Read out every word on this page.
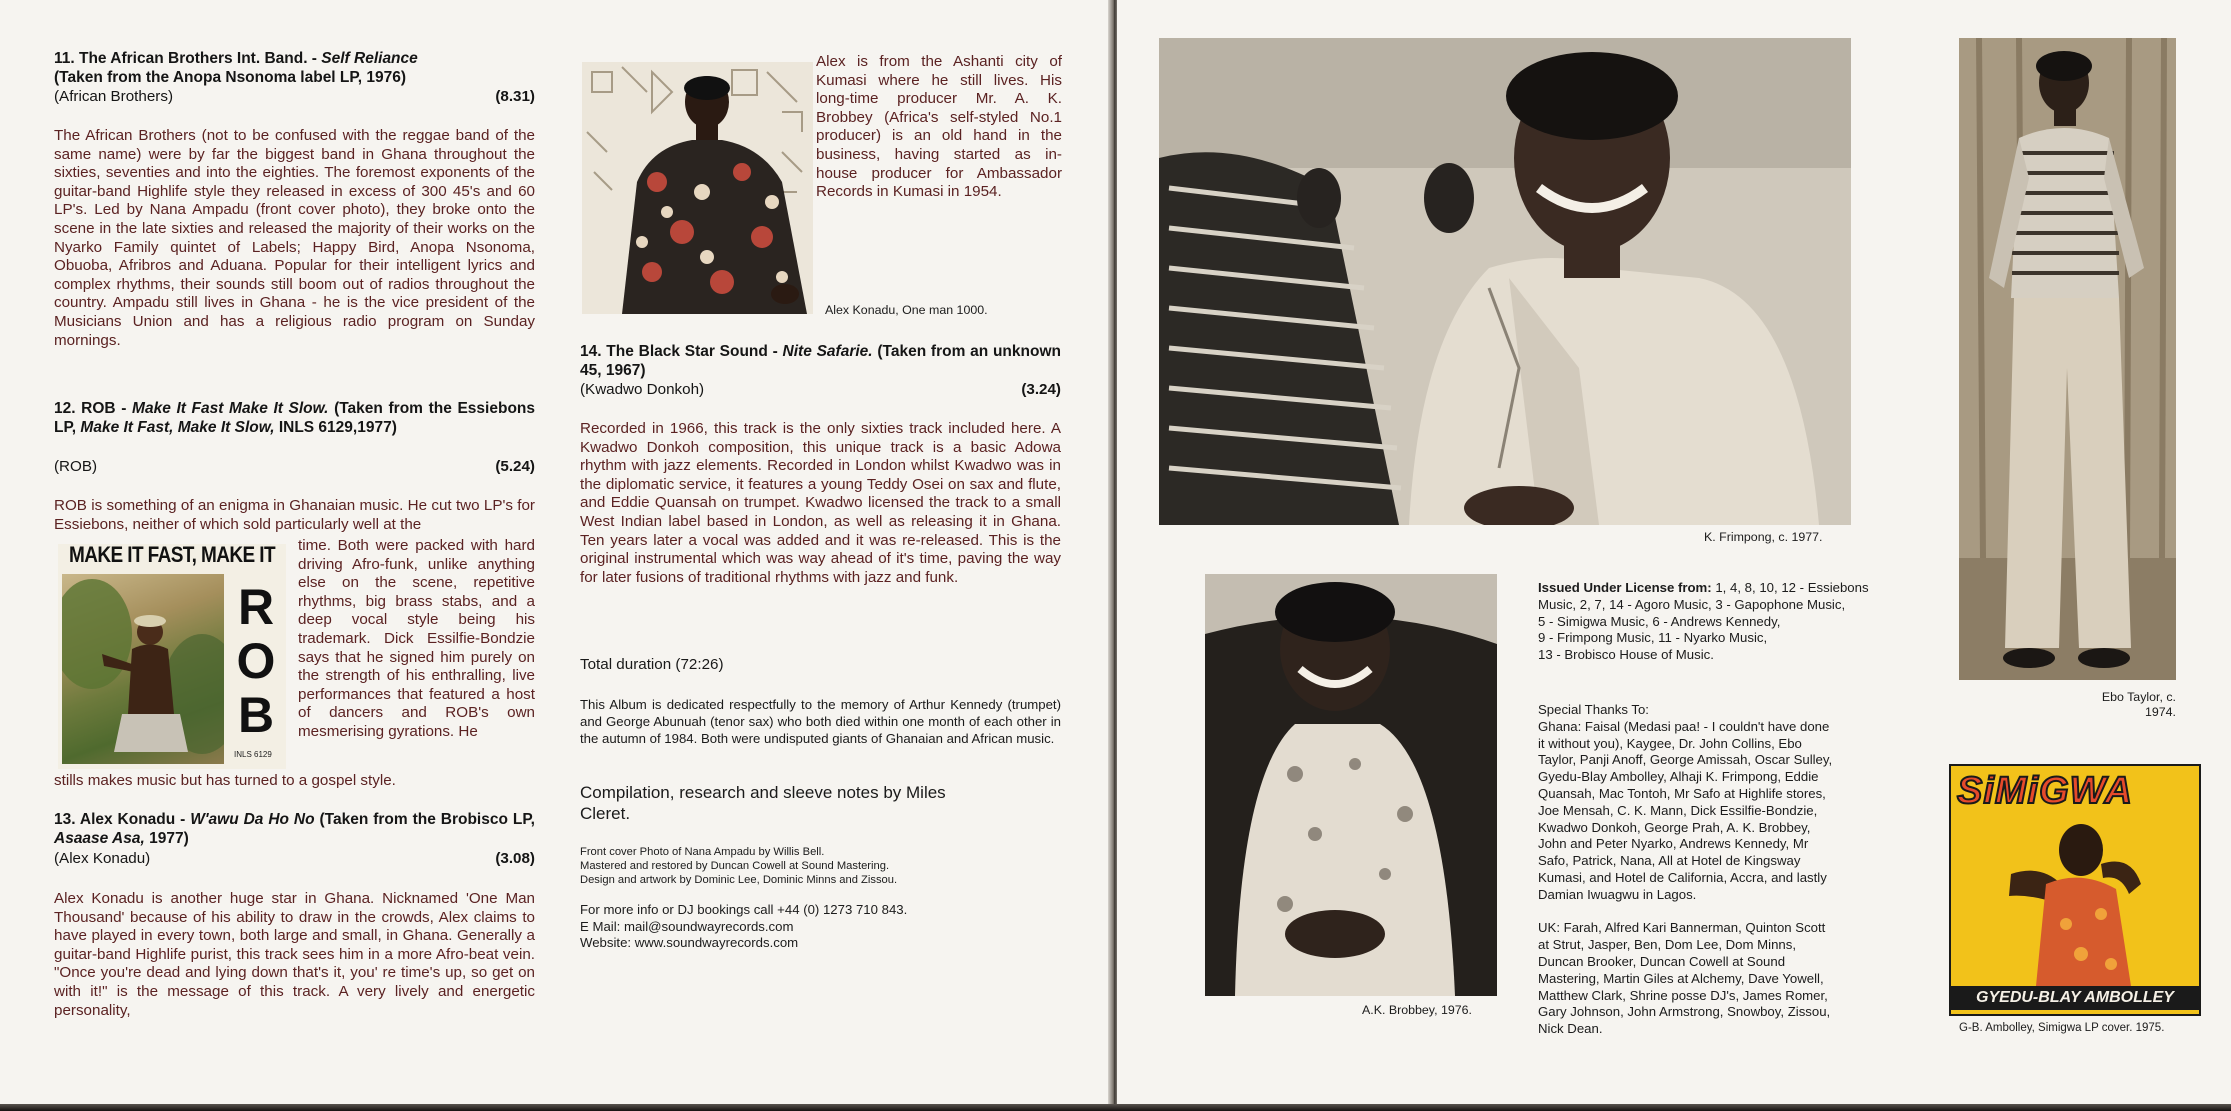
11. The African Brothers Int. Band. - Self Reliance
(Taken from the Anopa Nsonoma label LP, 1976)
(African Brothers)	(8.31)
The African Brothers (not to be confused with the reggae band of the same name) were by far the biggest band in Ghana throughout the sixties, seventies and into the eighties. The foremost exponents of the guitar-band Highlife style they released in excess of 300 45's and 60 LP's. Led by Nana Ampadu (front cover photo), they broke onto the scene in the late sixties and released the majority of their works on the Nyarko Family quintet of Labels; Happy Bird, Anopa Nsonoma, Obuoba, Afribros and Aduana. Popular for their intelligent lyrics and complex rhythms, their sounds still boom out of radios throughout the country. Ampadu still lives in Ghana - he is the vice president of the Musicians Union and has a religious radio program on Sunday mornings.
12. ROB - Make It Fast Make It Slow. (Taken from the Essiebons LP, Make It Fast, Make It Slow, INLS 6129,1977)
(ROB)	(5.24)
ROB is something of an enigma in Ghanaian music. He cut two LP's for Essiebons, neither of which sold particularly well at the
MAKE IT FAST, MAKE IT
R
O
B
INLS 6129
time. Both were packed with hard driving Afro-funk, unlike anything else on the scene, repetitive rhythms, big brass stabs, and a deep vocal style being his trademark. Dick Essilfie-Bondzie says that he signed him purely on the strength of his enthralling, live performances that featured a host of dancers and ROB's own mesmerising gyrations. He
stills makes music but has turned to a gospel style.
13. Alex Konadu - W'awu Da Ho No (Taken from the Brobisco LP, Asaase Asa, 1977)
(Alex Konadu)	(3.08)
Alex Konadu is another huge star in Ghana. Nicknamed 'One Man Thousand' because of his ability to draw in the crowds, Alex claims to have played in every town, both large and small, in Ghana. Generally a guitar-band Highlife purist, this track sees him in a more Afro-beat vein. "Once you're dead and lying down that's it, you' re time's up, so get on with it!" is the message of this track. A very lively and energetic personality,
Alex is from the Ashanti city of Kumasi where he still lives. His long-time producer Mr. A. K. Brobbey (Africa's self-styled No.1 producer) is an old hand in the business, having started as in-house producer for Ambassador Records in Kumasi in 1954.
Alex Konadu, One man 1000.
14. The Black Star Sound - Nite Safarie. (Taken from an unknown 45, 1967)
(Kwadwo Donkoh)	(3.24)
Recorded in 1966, this track is the only sixties track included here. A Kwadwo Donkoh composition, this unique track is a basic Adowa rhythm with jazz elements. Recorded in London whilst Kwadwo was in the diplomatic service, it features a young Teddy Osei on sax and flute, and Eddie Quansah on trumpet. Kwadwo licensed the track to a small West Indian label based in London, as well as releasing it in Ghana. Ten years later a vocal was added and it was re-released. This is the original instrumental which was way ahead of it's time, paving the way for later fusions of traditional rhythms with jazz and funk.
Total duration (72:26)
This Album is dedicated respectfully to the memory of Arthur Kennedy (trumpet) and George Abunuah (tenor sax) who both died within one month of each other in the autumn of 1984. Both were undisputed giants of Ghanaian and African music.
Compilation, research and sleeve notes by Miles Cleret.
Front cover Photo of Nana Ampadu by Willis Bell.
Mastered and restored by Duncan Cowell at Sound Mastering.
Design and artwork by Dominic Lee, Dominic Minns and Zissou.
For more info or DJ bookings call +44 (0) 1273 710 843.
E Mail: mail@soundwayrecords.com
Website: www.soundwayrecords.com
K. Frimpong, c. 1977.
Ebo Taylor, c.
1974.
A.K. Brobbey, 1976.
Issued Under License from: 1, 4, 8, 10, 12 - Essiebons
Music, 2, 7, 14 - Agoro Music, 3 - Gapophone Music,
5 - Simigwa Music, 6 - Andrews Kennedy,
9 - Frimpong Music, 11 - Nyarko Music,
13 - Brobisco House of Music.
Special Thanks To:
Ghana: Faisal (Medasi paa! - I couldn't have done
it without you), Kaygee, Dr. John Collins, Ebo
Taylor, Panji Anoff, George Amissah, Oscar Sulley,
Gyedu-Blay Ambolley, Alhaji K. Frimpong, Eddie
Quansah, Mac Tontoh, Mr Safo at Highlife stores,
Joe Mensah, C. K. Mann, Dick Essilfie-Bondzie,
Kwadwo Donkoh, George Prah, A. K. Brobbey,
John and Peter Nyarko, Andrews Kennedy, Mr
Safo, Patrick, Nana, All at Hotel de Kingsway
Kumasi, and Hotel de California, Accra, and lastly
Damian Iwuagwu in Lagos.
UK: Farah, Alfred Kari Bannerman, Quinton Scott
at Strut, Jasper, Ben, Dom Lee, Dom Minns,
Duncan Brooker, Duncan Cowell at Sound
Mastering, Martin Giles at Alchemy, Dave Yowell,
Matthew Clark, Shrine posse DJ's, James Romer,
Gary Johnson, John Armstrong, Snowboy, Zissou,
Nick Dean.
SiMiGWA
GYEDU-BLAY AMBOLLEY
G-B. Ambolley, Simigwa LP cover. 1975.
